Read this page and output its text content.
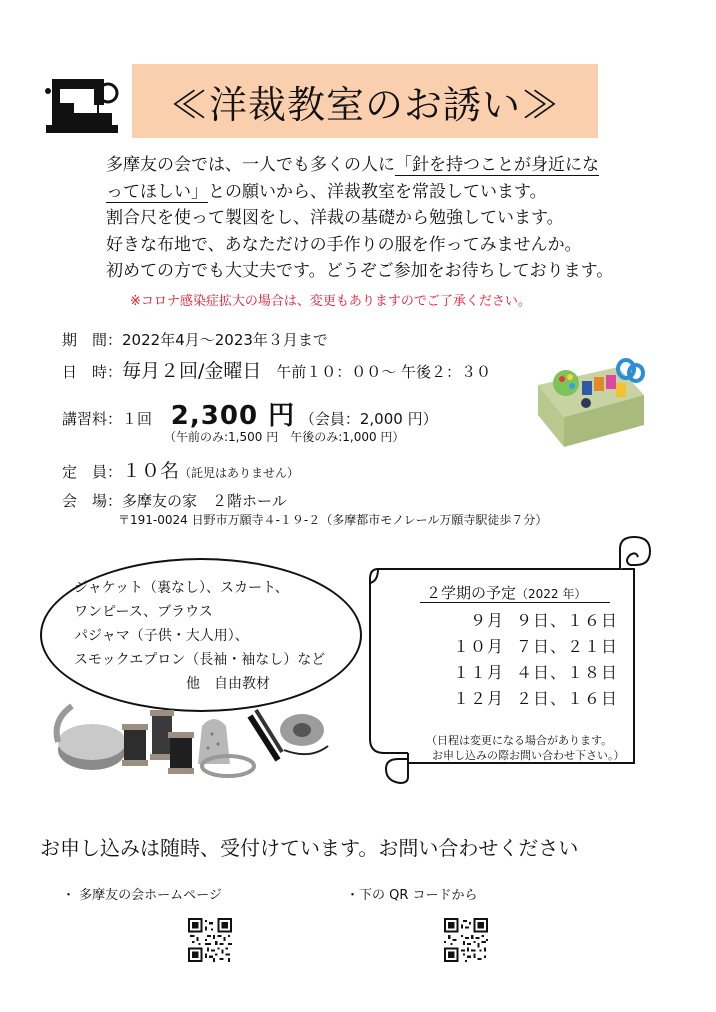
≪洋裁教室のお誘い≫
多摩友の会では、一人でも多くの人に「針を持つことが身近にな
ってほしい」との願いから、洋裁教室を常設しています。
割合尺を使って製図をし、洋裁の基礎から勉強しています。
好きな布地で、あなただけの手作りの服を作ってみませんか。
初めての方でも大丈夫です。どうぞご参加をお待ちしております。
※コロナ感染症拡大の場合は、変更もありますのでご了承ください。
期　間：2022年4月～2023年３月まで
日　時：毎月２回/金曜日 午前１０：００～ 午後２：３０
講習料：１回 2,300 円 （会員：2,000 円）
（午前のみ:1,500 円　午後のみ:1,000 円）
定　員：１０名（託児はありません）
会　場：多摩友の家　２階ホール
〒191-0024 日野市万願寺４‐１９‐２（多摩都市モノレール万願寺駅徒歩７分）
ジャケット（裏なし）、スカート、
ワンピース、ブラウス
パジャマ（子供・大人用）、
スモックエプロン（長袖・袖なし）など
他　自由教材
２学期の予定（2022 年）
９月 ９日、１６日
１０月 ７日、２１日
１１月 ４日、１８日
１２月 ２日、１６日
（日程は変更になる場合があります。
お申し込みの際お問い合わせ下さい。）
お申し込みは随時、受付けています。お問い合わせください
・ 多摩友の会ホームページ	・下の QR コードから
